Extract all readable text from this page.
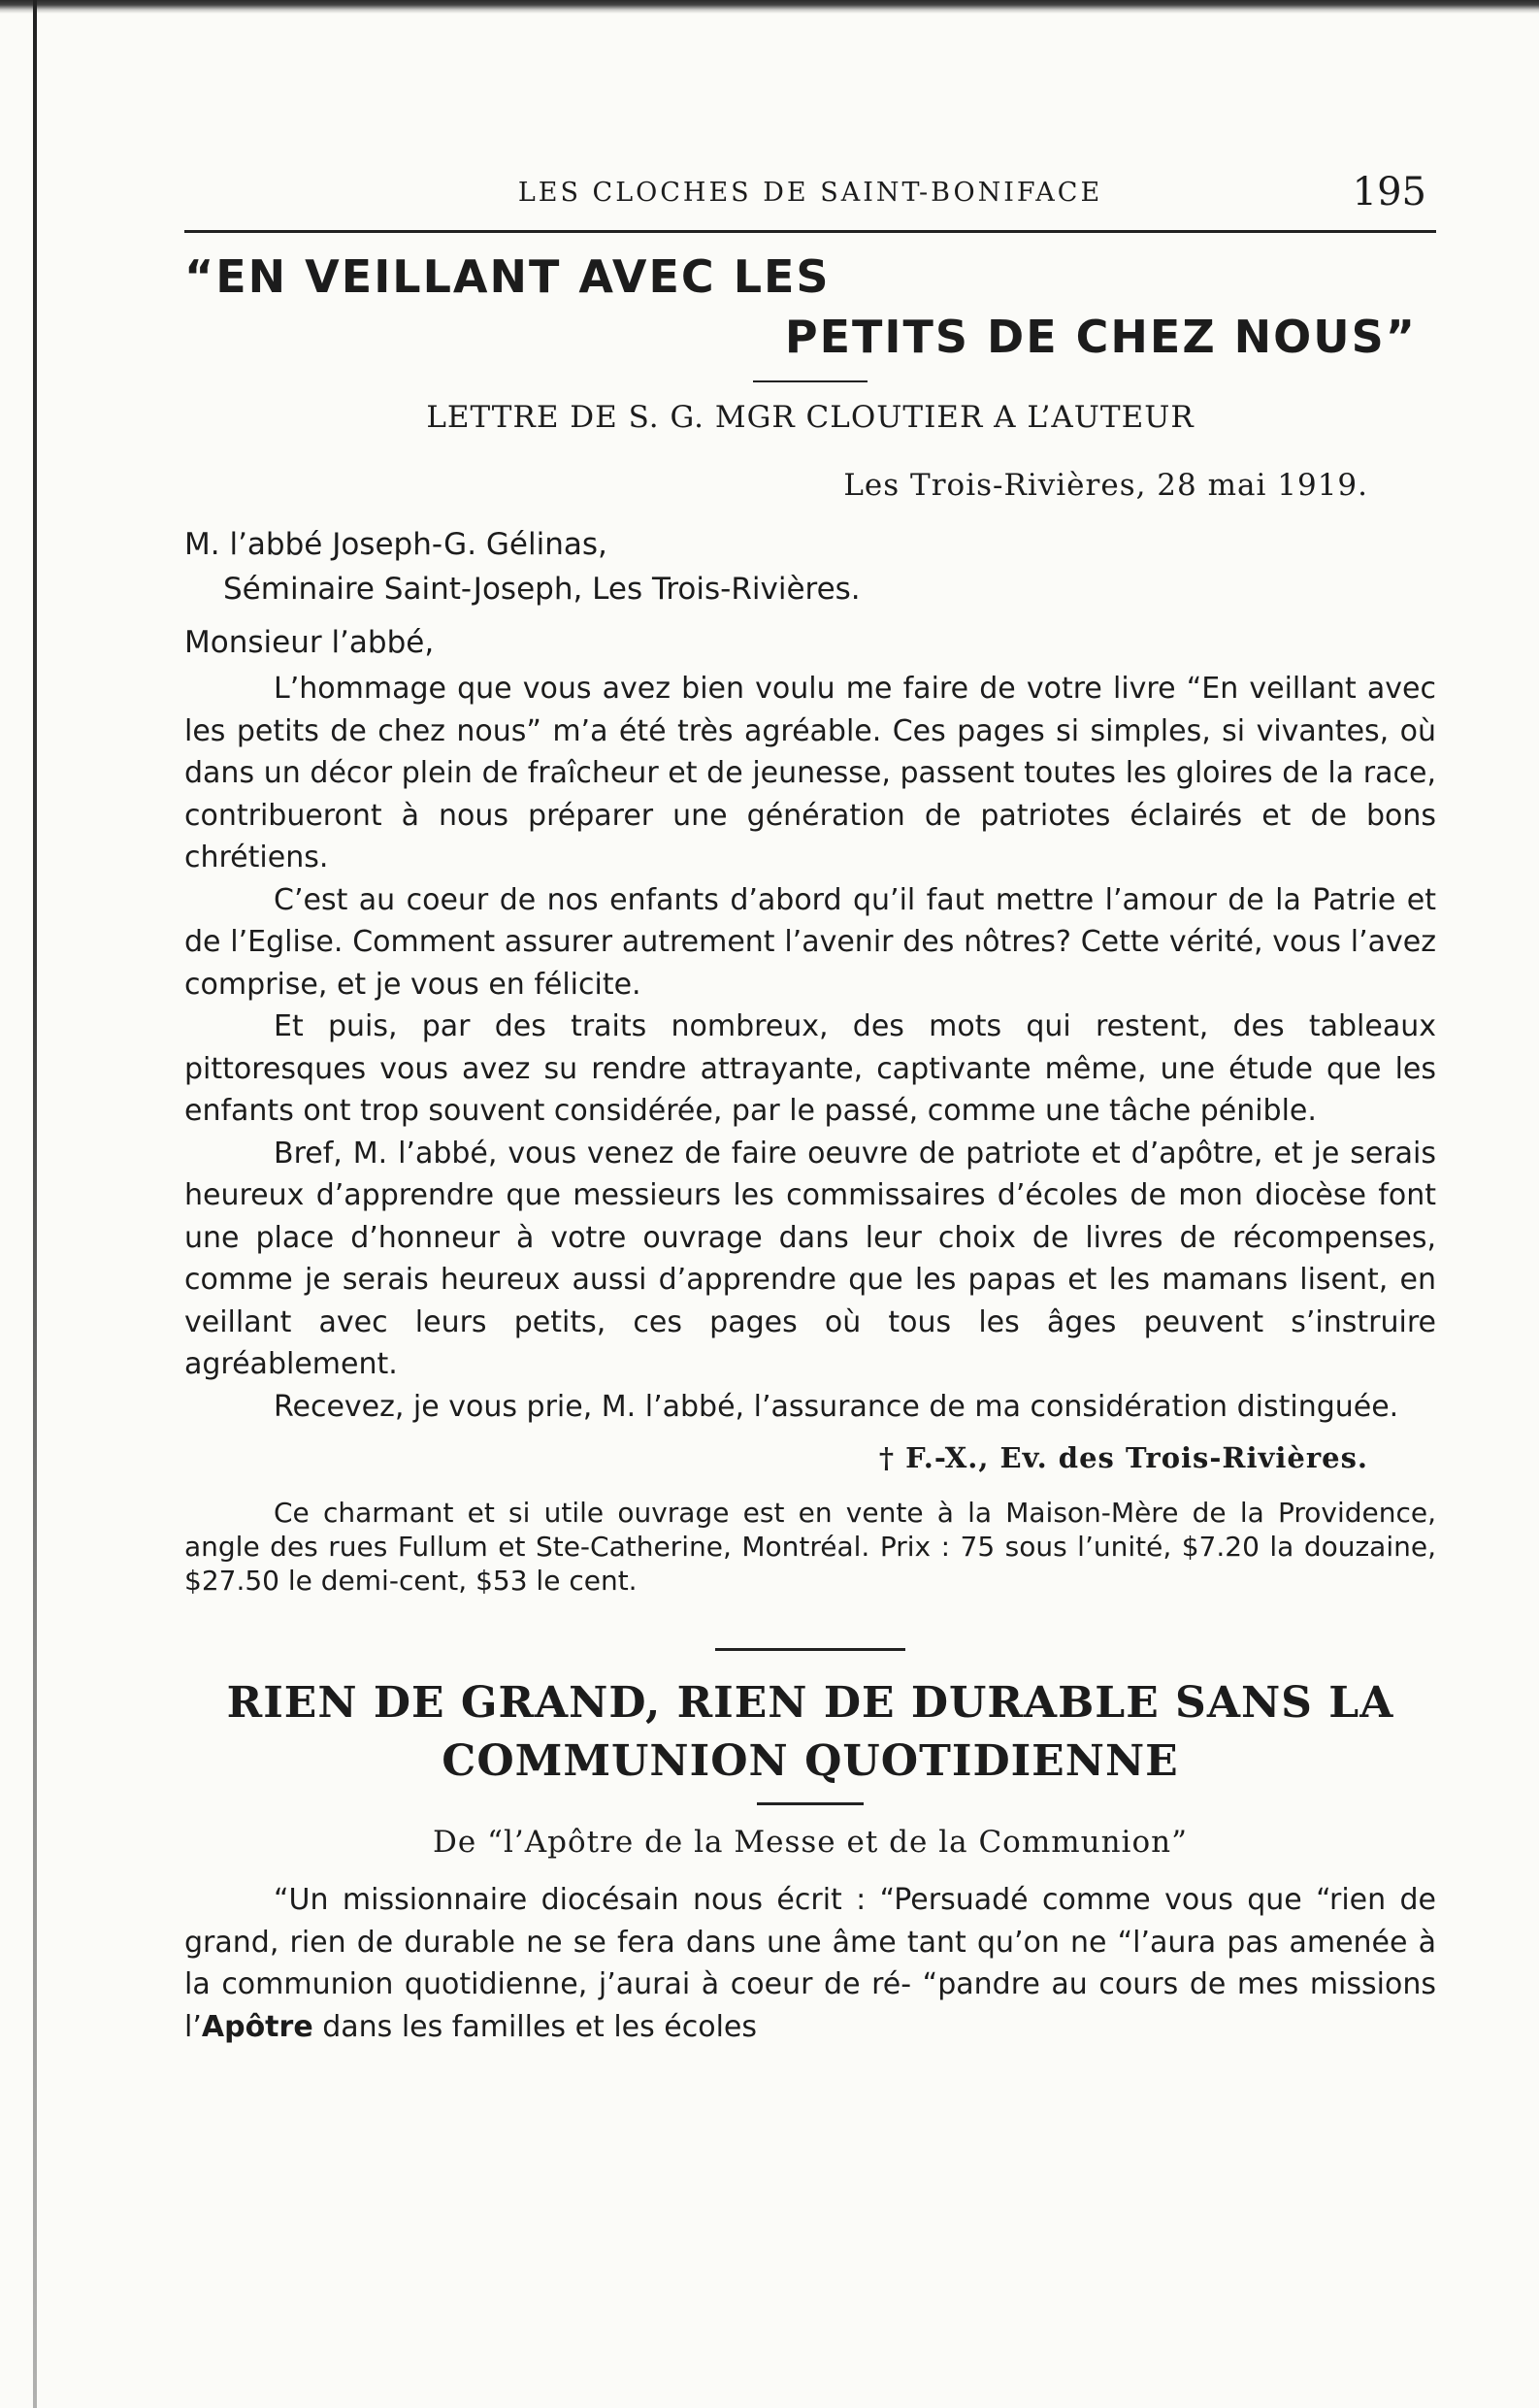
LES CLOCHES DE SAINT-BONIFACE	195
“EN VEILLANT AVEC LES
PETITS DE CHEZ NOUS”
LETTRE DE S. G. MGR CLOUTIER A L’AUTEUR
Les Trois-Rivières, 28 mai 1919.
M. l’abbé Joseph-G. Gélinas,
Séminaire Saint-Joseph, Les Trois-Rivières.
Monsieur l’abbé,

L’hommage que vous avez bien voulu me faire de votre livre “En veillant avec les petits de chez nous” m’a été très agréable. Ces pages si simples, si vivantes, où dans un décor plein de fraîcheur et de jeunesse, passent toutes les gloires de la race, contribueront à nous préparer une génération de patriotes éclairés et de bons chrétiens.

C’est au coeur de nos enfants d’abord qu’il faut mettre l’amour de la Patrie et de l’Eglise. Comment assurer autrement l’avenir des nôtres? Cette vérité, vous l’avez comprise, et je vous en félicite.

Et puis, par des traits nombreux, des mots qui restent, des tableaux pittoresques vous avez su rendre attrayante, captivante même, une étude que les enfants ont trop souvent considérée, par le passé, comme une tâche pénible.

Bref, M. l’abbé, vous venez de faire oeuvre de patriote et d’apôtre, et je serais heureux d’apprendre que messieurs les commissaires d’écoles de mon diocèse font une place d’honneur à votre ouvrage dans leur choix de livres de récompenses, comme je serais heureux aussi d’apprendre que les papas et les mamans lisent, en veillant avec leurs petits, ces pages où tous les âges peuvent s’instruire agréablement.

Recevez, je vous prie, M. l’abbé, l’assurance de ma considération distinguée.

† F.-X., Ev. des Trois-Rivières.

Ce charmant et si utile ouvrage est en vente à la Maison-Mère de la Providence, angle des rues Fullum et Ste-Catherine, Montréal. Prix : 75 sous l’unité, $7.20 la douzaine, $27.50 le demi-cent, $53 le cent.

RIEN DE GRAND, RIEN DE DURABLE SANS LA
COMMUNION QUOTIDIENNE
De “l’Apôtre de la Messe et de la Communion”

“Un missionnaire diocésain nous écrit : “Persuadé comme vous que “rien de grand, rien de durable ne se fera dans une âme tant qu’on ne “l’aura pas amenée à la communion quotidienne, j’aurai à coeur de ré- “pandre au cours de mes missions l’Apôtre dans les familles et les écoles
